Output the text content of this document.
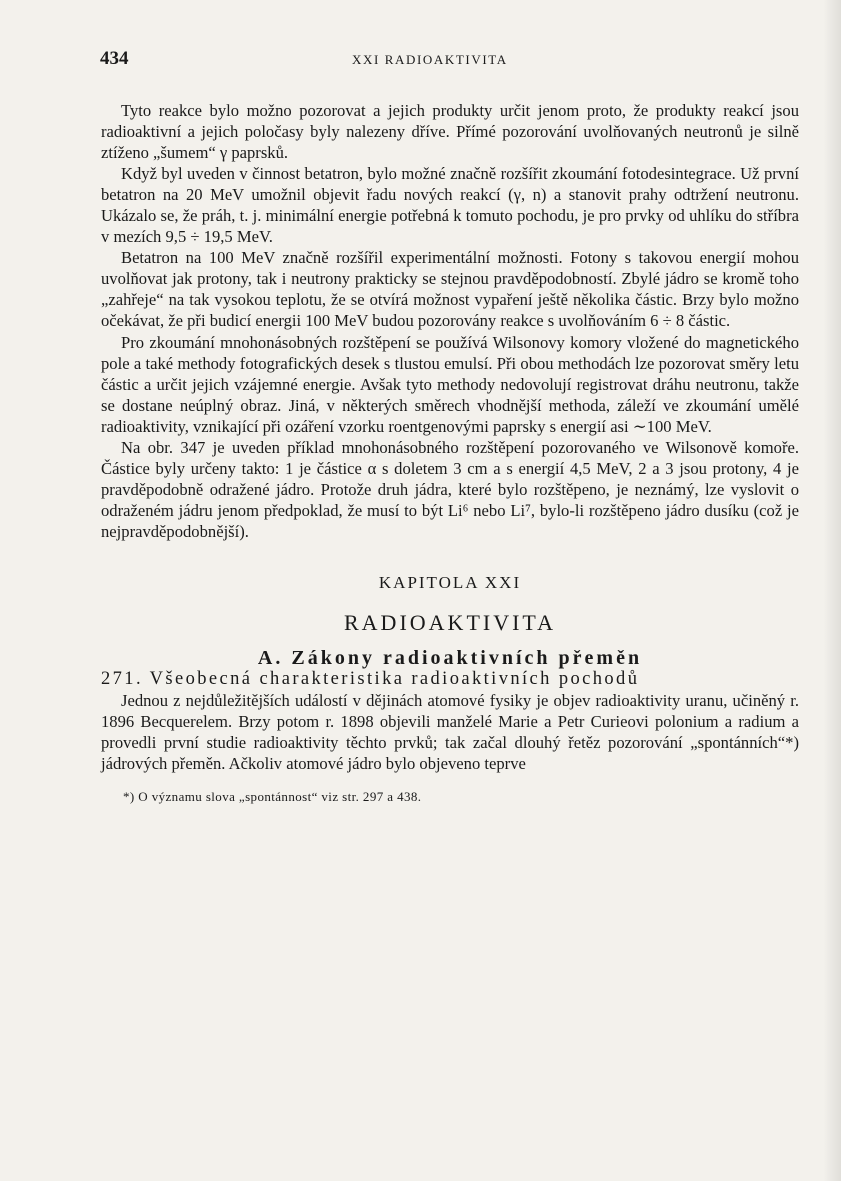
434	XXI RADIOAKTIVITA

Tyto reakce bylo možno pozorovat a jejich produkty určit jenom proto, že produkty reakcí jsou radioaktivní a jejich poločasy byly nalezeny dříve. Přímé pozorování uvolňovaných neutronů je silně ztíženo „šumem“ γ paprsků.

Když byl uveden v činnost betatron, bylo možné značně rozšířit zkoumání fotodesintegrace. Už první betatron na 20 MeV umožnil objevit řadu nových reakcí (γ, n) a stanovit prahy odtržení neutronu. Ukázalo se, že práh, t. j. minimální energie potřebná k tomuto pochodu, je pro prvky od uhlíku do stříbra v mezích 9,5 ÷ 19,5 MeV.

Betatron na 100 MeV značně rozšířil experimentální možnosti. Fotony s takovou energií mohou uvolňovat jak protony, tak i neutrony prakticky se stejnou pravděpodobností. Zbylé jádro se kromě toho „zahřeje“ na tak vysokou teplotu, že se otvírá možnost vypaření ještě několika částic. Brzy bylo možno očekávat, že při budicí energii 100 MeV budou pozorovány reakce s uvolňováním 6 ÷ 8 částic.

Pro zkoumání mnohonásobných rozštěpení se používá Wilsonovy komory vložené do magnetického pole a také methody fotografických desek s tlustou emulsí. Při obou methodách lze pozorovat směry letu částic a určit jejich vzájemné energie. Avšak tyto methody nedovolují registrovat dráhu neutronu, takže se dostane neúplný obraz. Jiná, v některých směrech vhodnější methoda, záleží ve zkoumání umělé radioaktivity, vznikající při ozáření vzorku roentgenovými paprsky s energií asi ∼100 MeV.

Na obr. 347 je uveden příklad mnohonásobného rozštěpení pozorovaného ve Wilsonově komoře. Částice byly určeny takto: 1 je částice α s doletem 3 cm a s energií 4,5 MeV, 2 a 3 jsou protony, 4 je pravděpodobně odražené jádro. Protože druh jádra, které bylo rozštěpeno, je neznámý, lze vyslovit o odraženém jádru jenom předpoklad, že musí to být Li⁶ nebo Li⁷, bylo-li rozštěpeno jádro dusíku (což je nejpravděpodobnější).

KAPITOLA XXI
RADIOAKTIVITA
A. Zákony radioaktivních přeměn

271. Všeobecná charakteristika radioaktivních pochodů

Jednou z nejdůležitějších událostí v dějinách atomové fysiky je objev radioaktivity uranu, učiněný r. 1896 Becquerelem. Brzy potom r. 1898 objevili manželé Marie a Petr Curieovi polonium a radium a provedli první studie radioaktivity těchto prvků; tak začal dlouhý řetěz pozorování „spontánních“*) jádrových přeměn. Ačkoliv atomové jádro bylo objeveno teprve

*) O významu slova „spontánnost“ viz str. 297 a 438.
